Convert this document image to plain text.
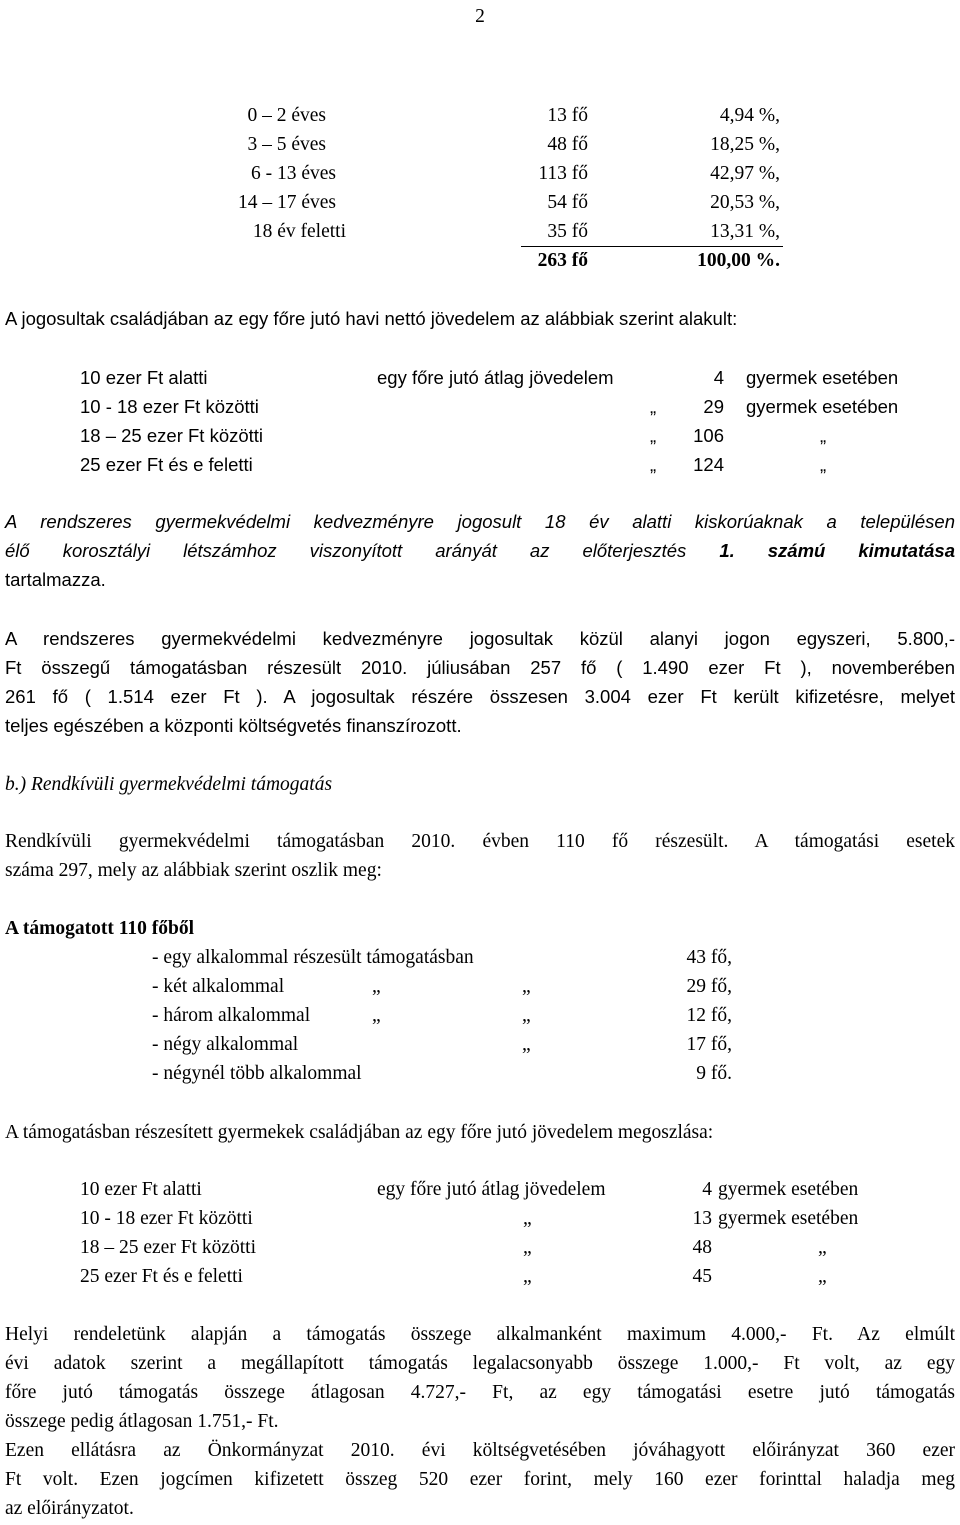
2
0 – 2 éves	13 fő	4,94 %,
3 – 5 éves	48 fő	18,25 %,
6 - 13 éves	113 fő	42,97 %,
14 – 17 éves	54 fő	20,53 %,
18 év feletti	35 fő	13,31 %,
263 fő	100,00 %.
A jogosultak családjában az egy főre jutó havi nettó jövedelem az alábbiak szerint alakult:
10 ezer Ft alatti	egy főre jutó átlag jövedelem	4 gyermek esetében
10 - 18 ezer Ft közötti	„	29 gyermek esetében
18 – 25 ezer Ft közötti	„	106	„
25 ezer Ft és e feletti	„	124	„
A rendszeres gyermekvédelmi kedvezményre jogosult 18 év alatti kiskorúaknak a településen
élő korosztályi létszámhoz viszonyított arányát az előterjesztés 1. számú kimutatása
tartalmazza.
A rendszeres gyermekvédelmi kedvezményre jogosultak közül alanyi jogon egyszeri, 5.800,-
Ft összegű támogatásban részesült 2010. júliusában 257 fő ( 1.490 ezer Ft ), novemberében
261 fő ( 1.514 ezer Ft ). A jogosultak részére összesen 3.004 ezer Ft került kifizetésre, melyet
teljes egészében a központi költségvetés finanszírozott.
b.) Rendkívüli gyermekvédelmi támogatás
Rendkívüli gyermekvédelmi támogatásban 2010. évben 110 fő részesült. A támogatási esetek
száma 297, mely az alábbiak szerint oszlik meg:
A támogatott 110 főből
- egy alkalommal részesült támogatásban	43 fő,
- két alkalommal	„	„	29 fő,
- három alkalommal	„	„	12 fő,
- négy alkalommal	„	17 fő,
- négynél több alkalommal	9 fő.
A támogatásban részesített gyermekek családjában az egy főre jutó jövedelem megoszlása:
10 ezer Ft alatti	egy főre jutó átlag jövedelem	4 gyermek esetében
10 - 18 ezer Ft közötti	„	13 gyermek esetében
18 – 25 ezer Ft közötti	„	48	„
25 ezer Ft és e feletti	„	45	„
Helyi rendeletünk alapján a támogatás összege alkalmanként maximum 4.000,- Ft. Az elmúlt
évi adatok szerint a megállapított támogatás legalacsonyabb összege 1.000,- Ft volt, az egy
főre jutó támogatás összege átlagosan 4.727,- Ft, az egy támogatási esetre jutó támogatás
összege pedig átlagosan 1.751,- Ft.
Ezen ellátásra az Önkormányzat 2010. évi költségvetésében jóváhagyott előirányzat 360 ezer
Ft volt. Ezen jogcímen kifizetett összeg 520 ezer forint, mely 160 ezer forinttal haladja meg
az előirányzatot.
